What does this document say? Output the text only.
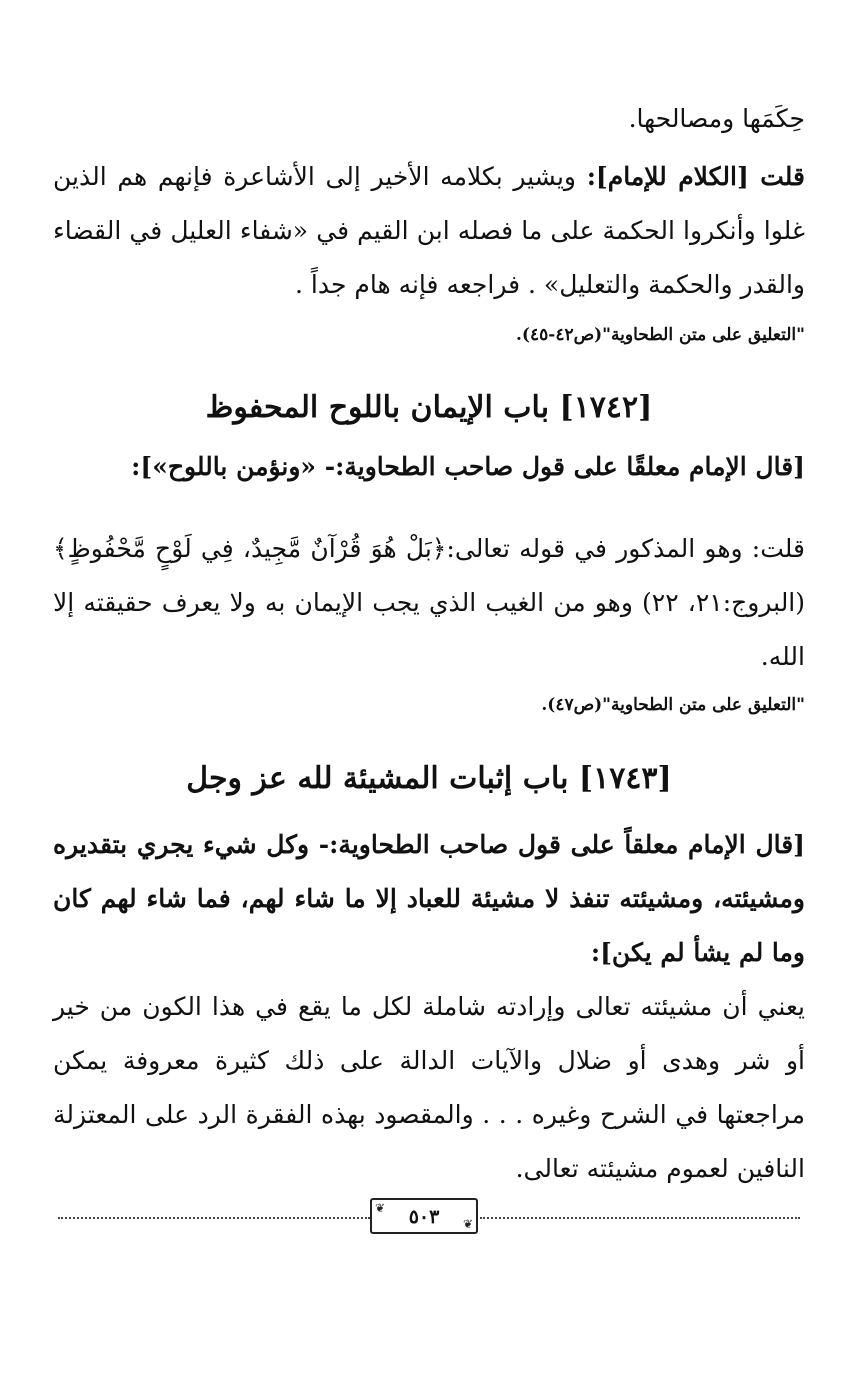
حِكَمَها ومصالحها.

قلت [الكلام للإمام]: ويشير بكلامه الأخير إلى الأشاعرة فإنهم هم الذين غلوا وأنكروا الحكمة على ما فصله ابن القيم في «شفاء العليل في القضاء والقدر والحكمة والتعليل» . فراجعه فإنه هام جداً .

"التعليق على متن الطحاوية"(ص٤٢-٤٥).

[١٧٤٢] باب الإيمان باللوح المحفوظ

[قال الإمام معلقًا على قول صاحب الطحاوية:- «ونؤمن باللوح»]:

قلت: وهو المذكور في قوله تعالى:﴿بَلْ هُوَ قُرْآنٌ مَّجِيدٌ، فِي لَوْحٍ مَّحْفُوظٍ﴾(البروج:٢١، ٢٢) وهو من الغيب الذي يجب الإيمان به ولا يعرف حقيقته إلا الله.

"التعليق على متن الطحاوية"(ص٤٧).

[١٧٤٣] باب إثبات المشيئة لله عز وجل

[قال الإمام معلقاً على قول صاحب الطحاوية:- وكل شيء يجري بتقديره ومشيئته، ومشيئته تنفذ لا مشيئة للعباد إلا ما شاء لهم، فما شاء لهم كان وما لم يشأ لم يكن]:

يعني أن مشيئته تعالى وإرادته شاملة لكل ما يقع في هذا الكون من خير أو شر وهدى أو ضلال والآيات الدالة على ذلك كثيرة معروفة يمكن مراجعتها في الشرح وغيره . . . والمقصود بهذه الفقرة الرد على المعتزلة النافين لعموم مشيئته تعالى.

❦
❦
٥٠٣
